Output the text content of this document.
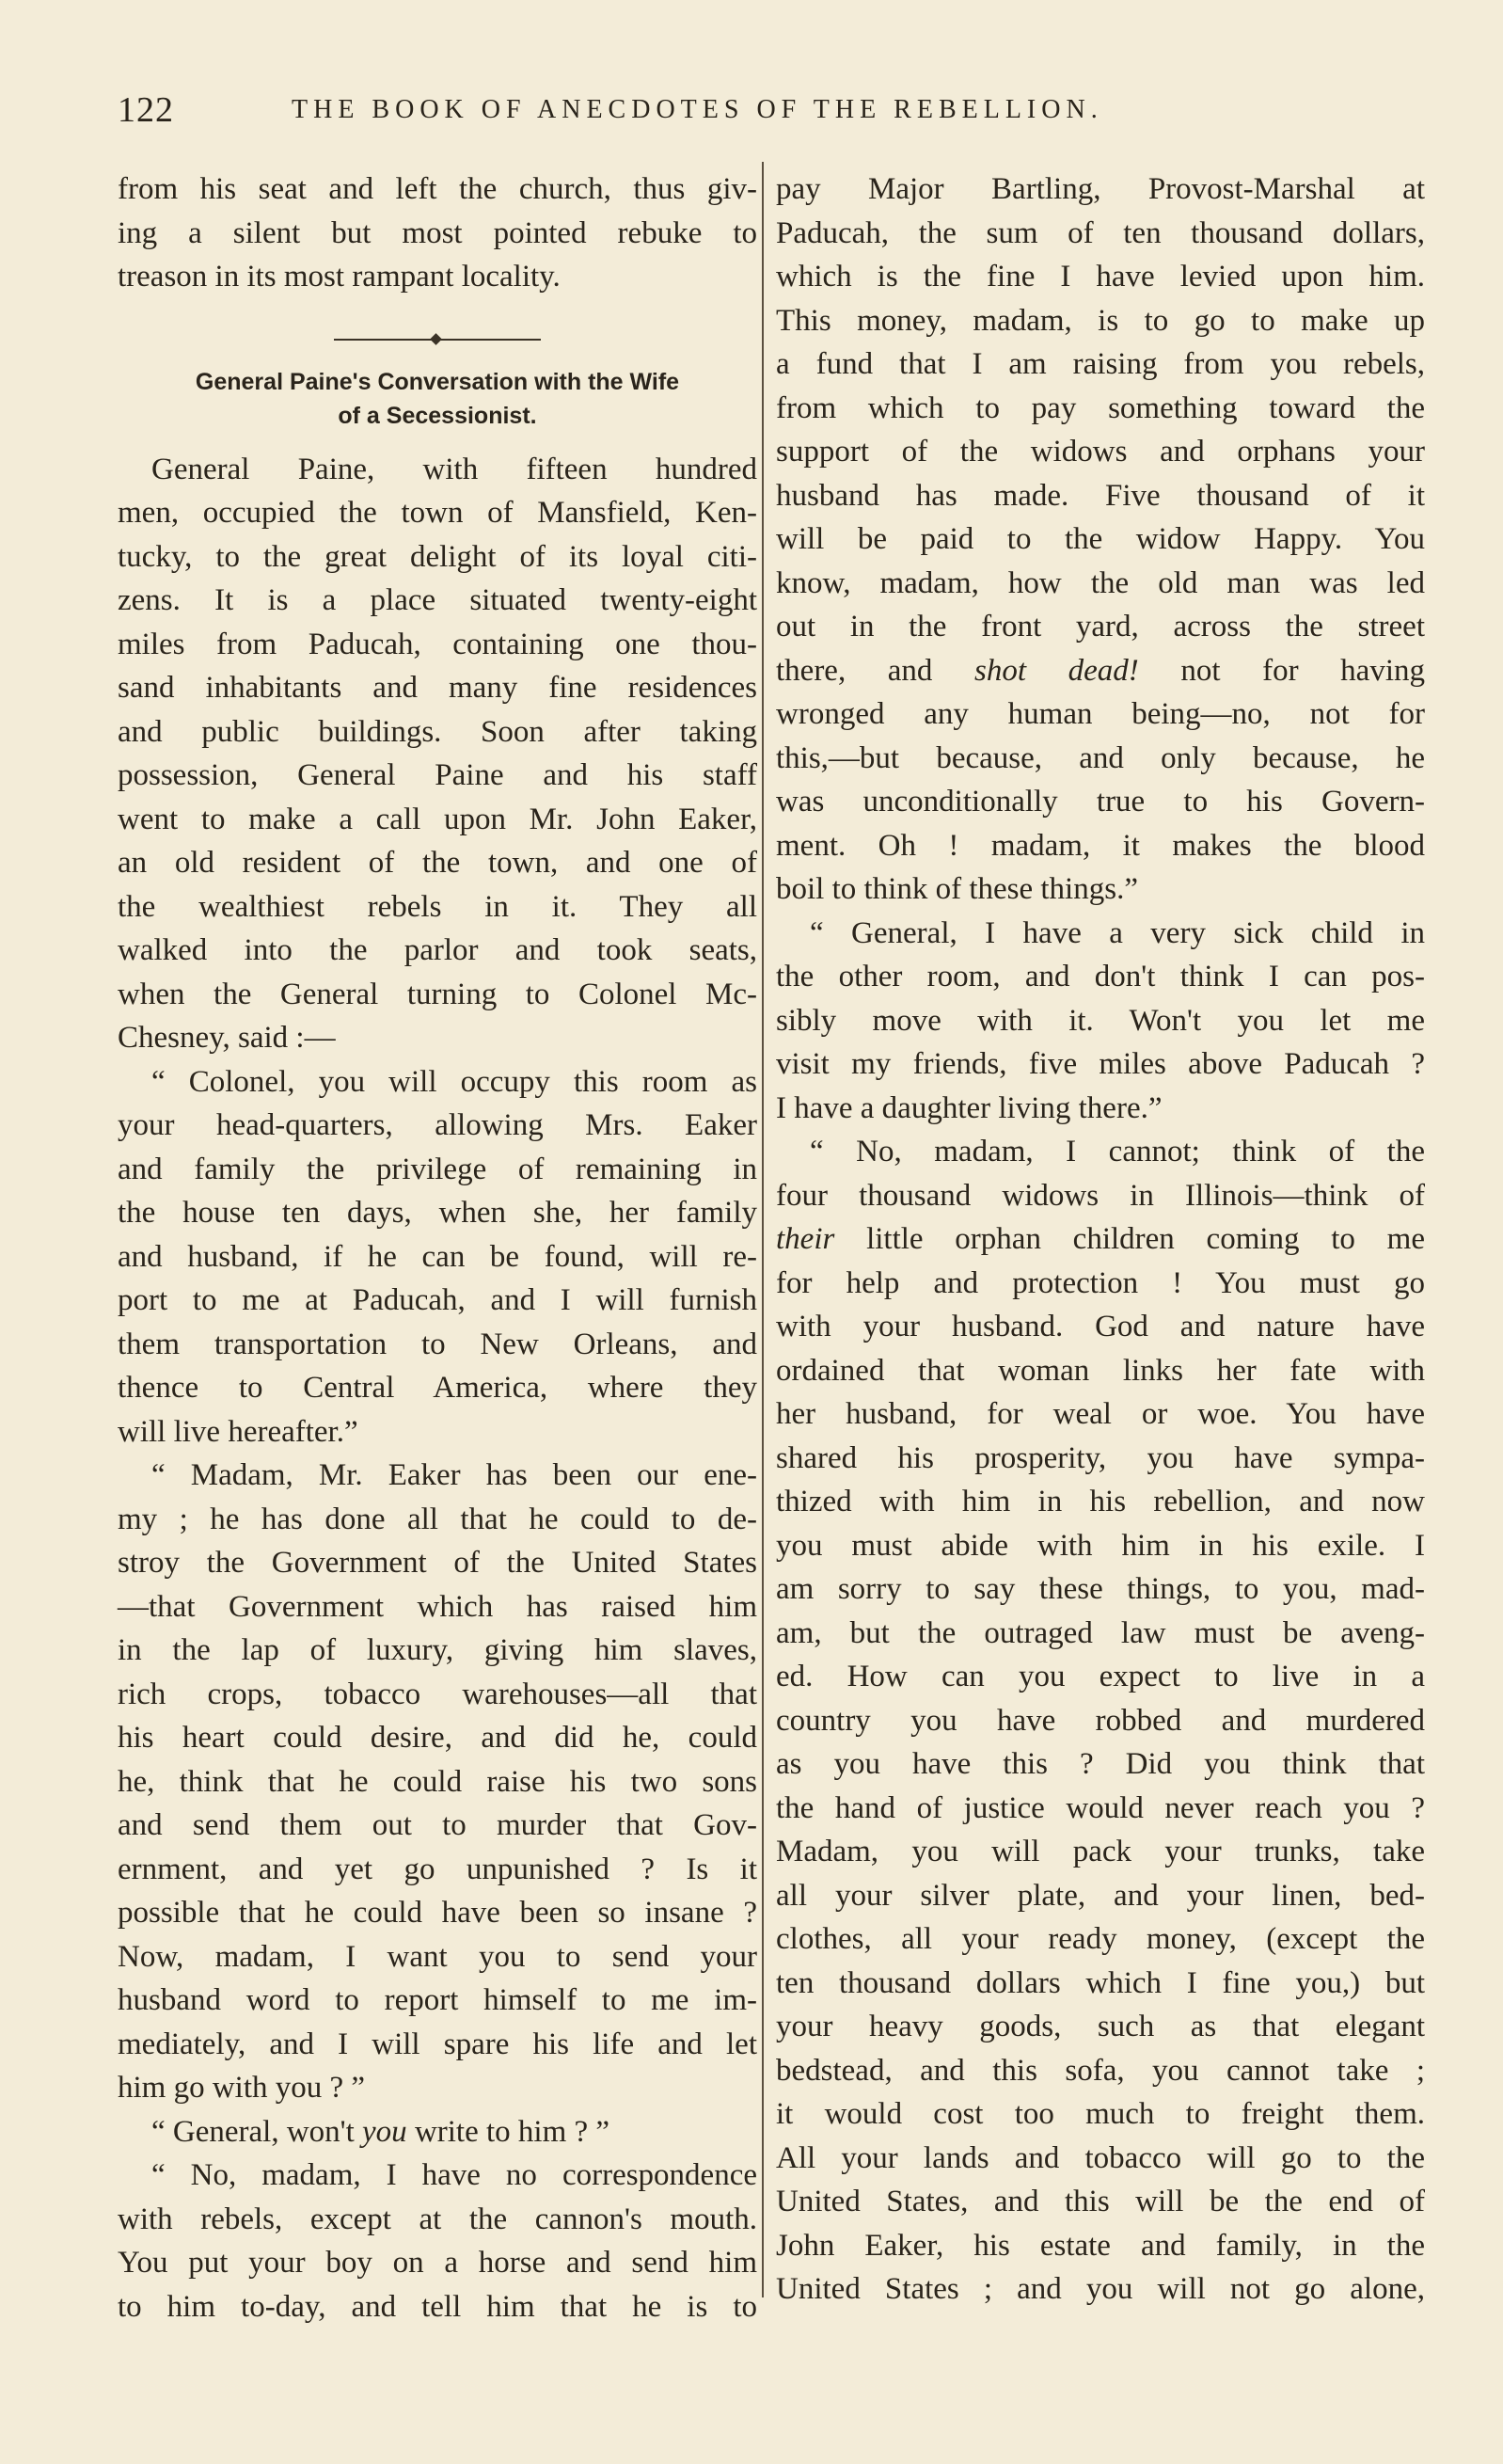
122	THE BOOK OF ANECDOTES OF THE REBELLION.
from his seat and left the church, thus giv-
ing a silent but most pointed rebuke to
treason in its most rampant locality.
General Paine's Conversation with the Wife
of a Secessionist.
General Paine, with fifteen hundred
men, occupied the town of Mansfield, Ken-
tucky, to the great delight of its loyal citi-
zens. It is a place situated twenty-eight
miles from Paducah, containing one thou-
sand inhabitants and many fine residences
and public buildings. Soon after taking
possession, General Paine and his staff
went to make a call upon Mr. John Eaker,
an old resident of the town, and one of
the wealthiest rebels in it. They all
walked into the parlor and took seats,
when the General turning to Colonel Mc-
Chesney, said :—
“ Colonel, you will occupy this room as
your head-quarters, allowing Mrs. Eaker
and family the privilege of remaining in
the house ten days, when she, her family
and husband, if he can be found, will re-
port to me at Paducah, and I will furnish
them transportation to New Orleans, and
thence to Central America, where they
will live hereafter.”
“ Madam, Mr. Eaker has been our ene-
my ; he has done all that he could to de-
stroy the Government of the United States
—that Government which has raised him
in the lap of luxury, giving him slaves,
rich crops, tobacco warehouses—all that
his heart could desire, and did he, could
he, think that he could raise his two sons
and send them out to murder that Gov-
ernment, and yet go unpunished ? Is it
possible that he could have been so insane ?
Now, madam, I want you to send your
husband word to report himself to me im-
mediately, and I will spare his life and let
him go with you ? ”
“ General, won't you write to him ? ”
“ No, madam, I have no correspondence
with rebels, except at the cannon's mouth.
You put your boy on a horse and send him
to him to-day, and tell him that he is to
pay Major Bartling, Provost-Marshal at
Paducah, the sum of ten thousand dollars,
which is the fine I have levied upon him.
This money, madam, is to go to make up
a fund that I am raising from you rebels,
from which to pay something toward the
support of the widows and orphans your
husband has made. Five thousand of it
will be paid to the widow Happy. You
know, madam, how the old man was led
out in the front yard, across the street
there, and shot dead! not for having
wronged any human being—no, not for
this,—but because, and only because, he
was unconditionally true to his Govern-
ment. Oh ! madam, it makes the blood
boil to think of these things.”
“ General, I have a very sick child in
the other room, and don't think I can pos-
sibly move with it. Won't you let me
visit my friends, five miles above Paducah ?
I have a daughter living there.”
“ No, madam, I cannot; think of the
four thousand widows in Illinois—think of
their little orphan children coming to me
for help and protection ! You must go
with your husband. God and nature have
ordained that woman links her fate with
her husband, for weal or woe. You have
shared his prosperity, you have sympa-
thized with him in his rebellion, and now
you must abide with him in his exile. I
am sorry to say these things, to you, mad-
am, but the outraged law must be aveng-
ed. How can you expect to live in a
country you have robbed and murdered
as you have this ? Did you think that
the hand of justice would never reach you ?
Madam, you will pack your trunks, take
all your silver plate, and your linen, bed-
clothes, all your ready money, (except the
ten thousand dollars which I fine you,) but
your heavy goods, such as that elegant
bedstead, and this sofa, you cannot take ;
it would cost too much to freight them.
All your lands and tobacco will go to the
United States, and this will be the end of
John Eaker, his estate and family, in the
United States ; and you will not go alone,
